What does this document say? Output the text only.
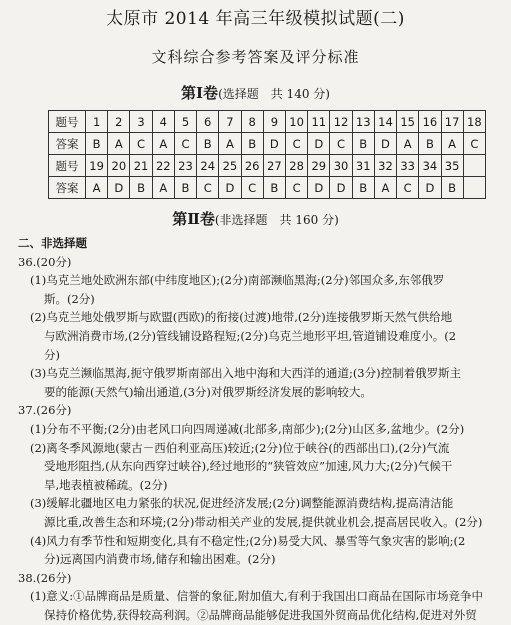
太原市 2014 年高三年级模拟试题(二)
文科综合参考答案及评分标准
第Ⅰ卷(选择题　共 140 分)
题号	1	2	3	4	5	6	7	8	9	10	11	12	13	14	15	16	17	18
答案	B	A	C	A	C	B	A	B	D	C	D	C	B	D	A	B	A	C
题号	19	20	21	22	23	24	25	26	27	28	29	30	31	32	33	34	35	
答案	A	D	B	A	B	C	D	C	B	C	D	D	B	A	C	D	B	
第Ⅱ卷(非选择题　共 160 分)

二、非选择题

36.(20分)

(1)乌克兰地处欧洲东部(中纬度地区);(2分)南部濒临黑海;(2分)邻国众多,东邻俄罗

斯。(2分)

(2)乌克兰地处俄罗斯与欧盟(西欧)的衔接(过渡)地带,(2分)连接俄罗斯天然气供给地

与欧洲消费市场,(2分)管线铺设路程短;(2分)乌克兰地形平坦,管道铺设难度小。(2

分)

(3)乌克兰濒临黑海,扼守俄罗斯南部出入地中海和大西洋的通道;(3分)控制着俄罗斯主

要的能源(天然气)输出通道,(3分)对俄罗斯经济发展的影响较大。

37.(26分)

(1)分布不平衡;(2分)由老风口向四周递减(北部多,南部少);(2分)山区多,盆地少。(2分)

(2)离冬季风源地(蒙古－西伯利亚高压)较近;(2分)位于峡谷(的西部出口),(2分)气流

受地形阻挡,(从东向西穿过峡谷),经过地形的“狭管效应”加速,风力大;(2分)气候干

旱,地表植被稀疏。(2分)

(3)缓解北疆地区电力紧张的状况,促进经济发展;(2分)调整能源消费结构,提高清洁能

源比重,改善生态和环境;(2分)带动相关产业的发展,提供就业机会,提高居民收入。(2分)

(4)风力有季节性和短期变化,具有不稳定性;(2分)易受大风、暴雪等气象灾害的影响;(2

分)远离国内消费市场,储存和输出困难。(2分)

38.(26分)

(1)意义:①品牌商品是质量、信誉的象征,附加值大,有利于我国出口商品在国际市场竞争中

保持价格优势,获得较高利润。②品牌商品能够促进我国外贸商品优化结构,促进对外贸
